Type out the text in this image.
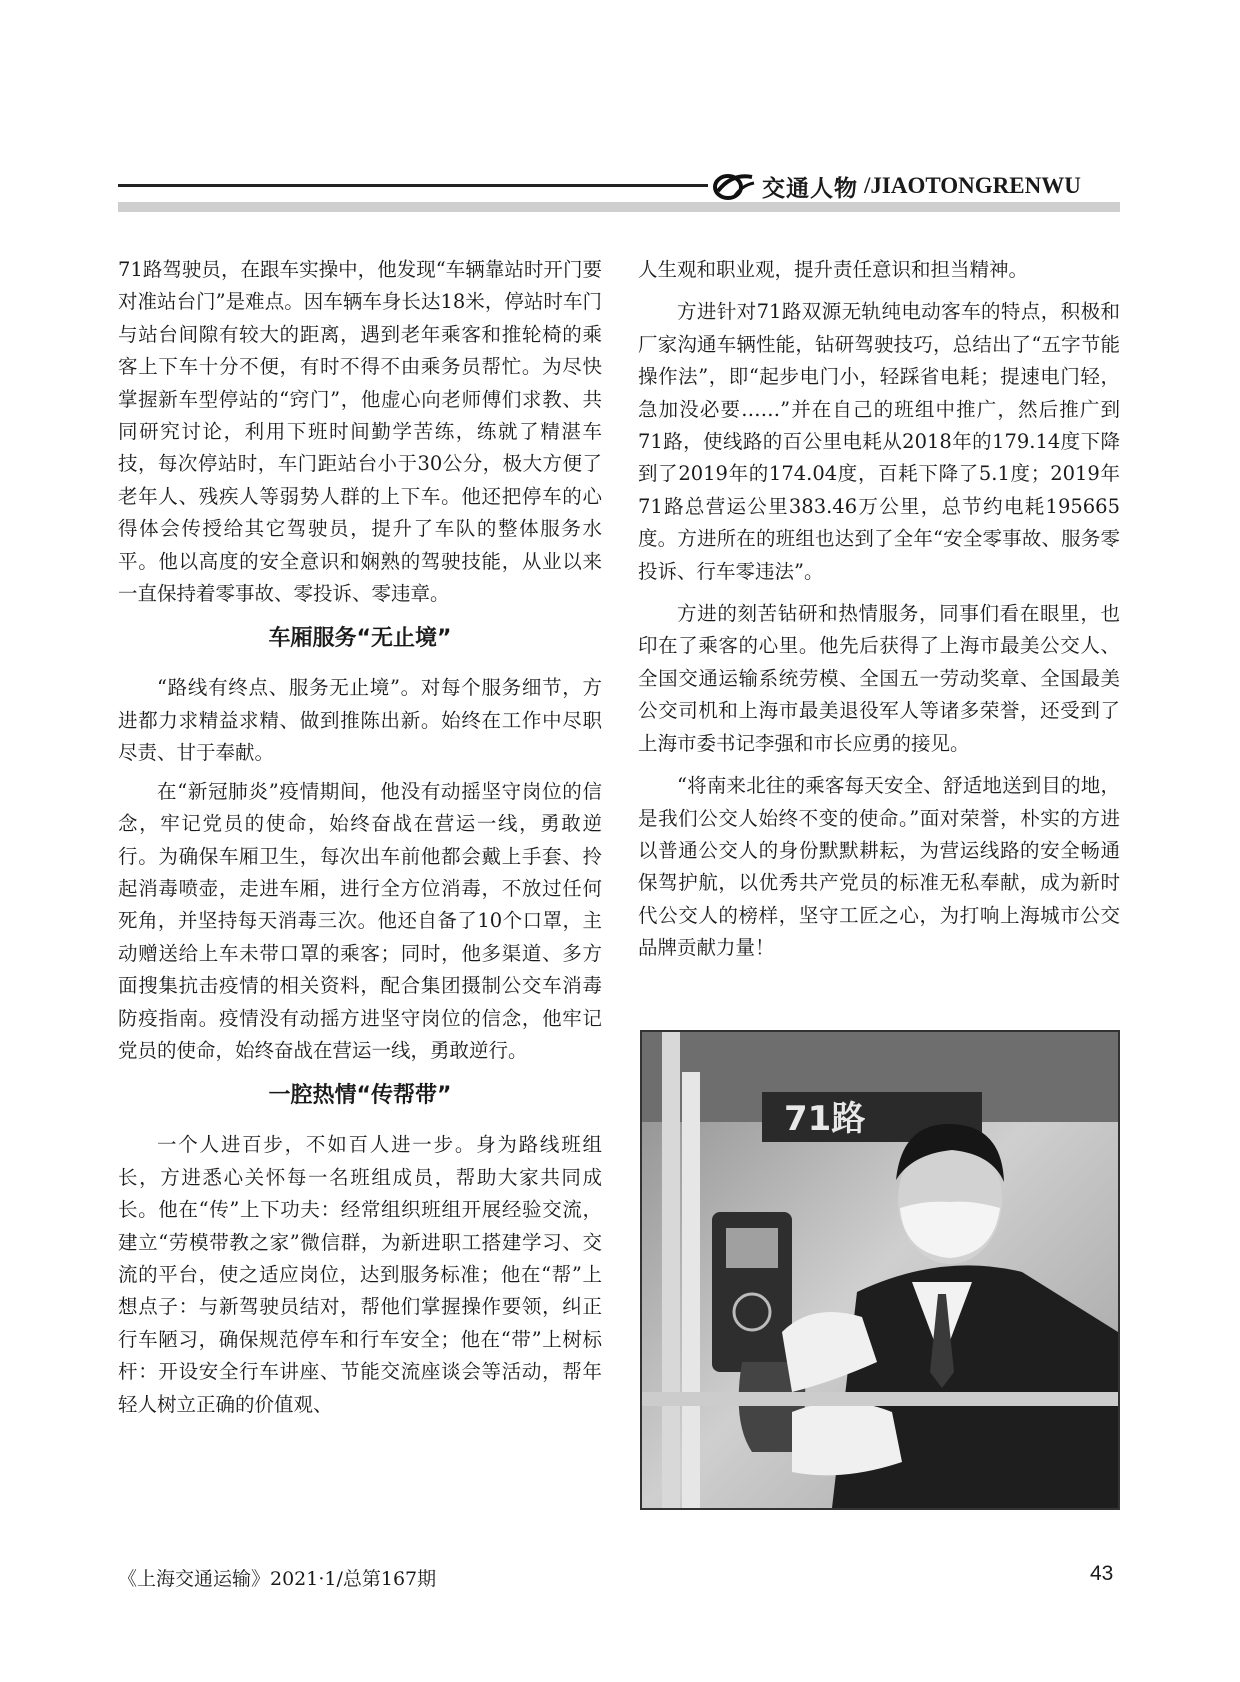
交通人物 /JIAOTONGRENWU

71路驾驶员，在跟车实操中，他发现“车辆靠站时开门要对准站台门”是难点。因车辆车身长达18米，停站时车门与站台间隙有较大的距离，遇到老年乘客和推轮椅的乘客上下车十分不便，有时不得不由乘务员帮忙。为尽快掌握新车型停站的“窍门”，他虚心向老师傅们求教、共同研究讨论，利用下班时间勤学苦练，练就了精湛车技，每次停站时，车门距站台小于30公分，极大方便了老年人、残疾人等弱势人群的上下车。他还把停车的心得体会传授给其它驾驶员，提升了车队的整体服务水平。他以高度的安全意识和娴熟的驾驶技能，从业以来一直保持着零事故、零投诉、零违章。

车厢服务“无止境”

“路线有终点、服务无止境”。对每个服务细节，方进都力求精益求精、做到推陈出新。始终在工作中尽职尽责、甘于奉献。

在“新冠肺炎”疫情期间，他没有动摇坚守岗位的信念，牢记党员的使命，始终奋战在营运一线，勇敢逆行。为确保车厢卫生，每次出车前他都会戴上手套、拎起消毒喷壶，走进车厢，进行全方位消毒，不放过任何死角，并坚持每天消毒三次。他还自备了10个口罩，主动赠送给上车未带口罩的乘客；同时，他多渠道、多方面搜集抗击疫情的相关资料，配合集团摄制公交车消毒防疫指南。疫情没有动摇方进坚守岗位的信念，他牢记党员的使命，始终奋战在营运一线，勇敢逆行。

一腔热情“传帮带”

一个人进百步，不如百人进一步。身为路线班组长，方进悉心关怀每一名班组成员，帮助大家共同成长。他在“传”上下功夫：经常组织班组开展经验交流，建立“劳模带教之家”微信群，为新进职工搭建学习、交流的平台，使之适应岗位，达到服务标准；他在“帮”上想点子：与新驾驶员结对，帮他们掌握操作要领，纠正行车陋习，确保规范停车和行车安全；他在“带”上树标杆：开设安全行车讲座、节能交流座谈会等活动，帮年轻人树立正确的价值观、

人生观和职业观，提升责任意识和担当精神。

方进针对71路双源无轨纯电动客车的特点，积极和厂家沟通车辆性能，钻研驾驶技巧，总结出了“五字节能操作法”，即“起步电门小，轻踩省电耗；提速电门轻，急加没必要……”并在自己的班组中推广，然后推广到71路，使线路的百公里电耗从2018年的179.14度下降到了2019年的174.04度，百耗下降了5.1度；2019年71路总营运公里383.46万公里，总节约电耗195665度。方进所在的班组也达到了全年“安全零事故、服务零投诉、行车零违法”。

方进的刻苦钻研和热情服务，同事们看在眼里，也印在了乘客的心里。他先后获得了上海市最美公交人、全国交通运输系统劳模、全国五一劳动奖章、全国最美公交司机和上海市最美退役军人等诸多荣誉，还受到了上海市委书记李强和市长应勇的接见。

“将南来北往的乘客每天安全、舒适地送到目的地，是我们公交人始终不变的使命。”面对荣誉，朴实的方进以普通公交人的身份默默耕耘，为营运线路的安全畅通保驾护航，以优秀共产党员的标准无私奉献，成为新时代公交人的榜样，坚守工匠之心，为打响上海城市公交品牌贡献力量！

71路
《上海交通运输》2021·1/总第167期	43
